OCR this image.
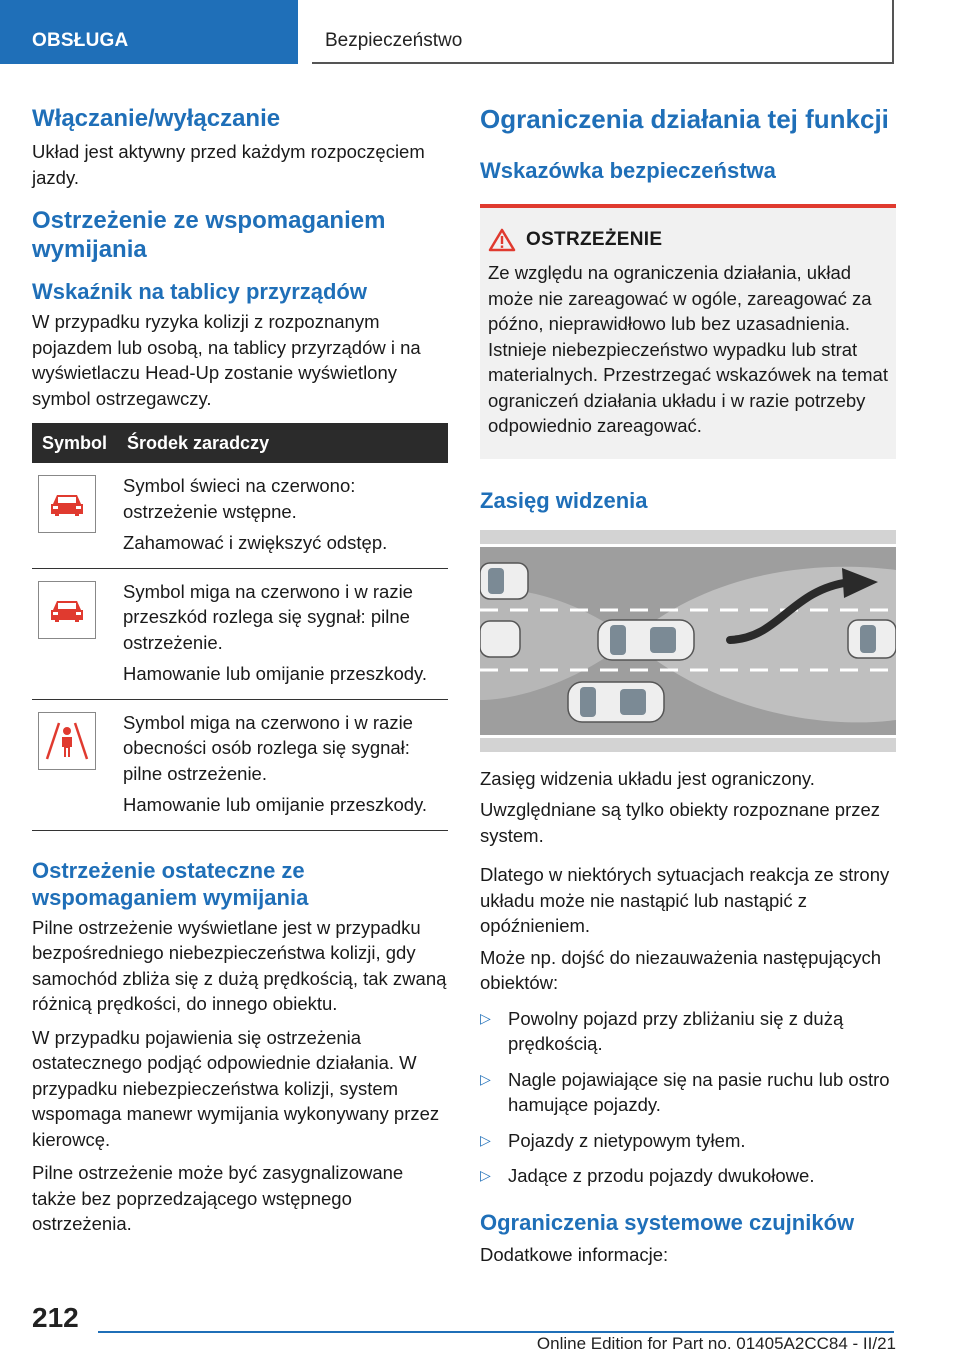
OBSŁUGA	Bezpieczeństwo
Włączanie/wyłączanie

Układ jest aktywny przed każdym rozpoczęciem jazdy.

Ostrzeżenie ze wspomaganiem wymijania
Wskaźnik na tablicy przyrządów

W przypadku ryzyka kolizji z rozpoznanym pojazdem lub osobą, na tablicy przyrządów i na wyświetlaczu Head-Up zostanie wyświetlony symbol ostrzegawczy.

Symbol	Środek zaradczy

Symbol świeci na czerwono: ostrzeżenie wstępne.
Zahamować i zwiększyć odstęp.

Symbol miga na czerwono i w razie przeszkód rozlega się sygnał: pilne ostrzeżenie.
Hamowanie lub omijanie przeszkody.

Symbol miga na czerwono i w razie obecności osób rozlega się sygnał: pilne ostrzeżenie.
Hamowanie lub omijanie przeszkody.
Ostrzeżenie ostateczne ze wspomaganiem wymijania

Pilne ostrzeżenie wyświetlane jest w przypadku bezpośredniego niebezpieczeństwa kolizji, gdy samochód zbliża się z dużą prędkością, tak zwaną różnicą prędkości, do innego obiektu.

W przypadku pojawienia się ostrzeżenia ostatecznego podjąć odpowiednie działania. W przypadku niebezpieczeństwa kolizji, system wspomaga manewr wymijania wykonywany przez kierowcę.

Pilne ostrzeżenie może być zasygnalizowane także bez poprzedzającego wstępnego ostrzeżenia.

Ograniczenia działania tej funkcji
Wskazówka bezpieczeństwa
OSTRZEŻENIE

Ze względu na ograniczenia działania, układ może nie zareagować w ogóle, zareagować za późno, nieprawidłowo lub bez uzasadnienia. Istnieje niebezpieczeństwo wypadku lub strat materialnych. Przestrzegać wskazówek na temat ograniczeń działania układu i w razie potrzeby odpowiednio zareagować.

Zasięg widzenia

Zasięg widzenia układu jest ograniczony.

Uwzględniane są tylko obiekty rozpoznane przez system.

Dlatego w niektórych sytuacjach reakcja ze strony układu może nie nastąpić lub nastąpić z opóźnieniem.

Może np. dojść do niezauważenia następujących obiektów:

▷ Powolny pojazd przy zbliżaniu się z dużą prędkością.

▷ Nagle pojawiające się na pasie ruchu lub ostro hamujące pojazdy.

▷ Pojazdy z nietypowym tyłem.

▷ Jadące z przodu pojazdy dwukołowe.

Ograniczenia systemowe czujników

Dodatkowe informacje:

212
Online Edition for Part no. 01405A2CC84 - II/21
